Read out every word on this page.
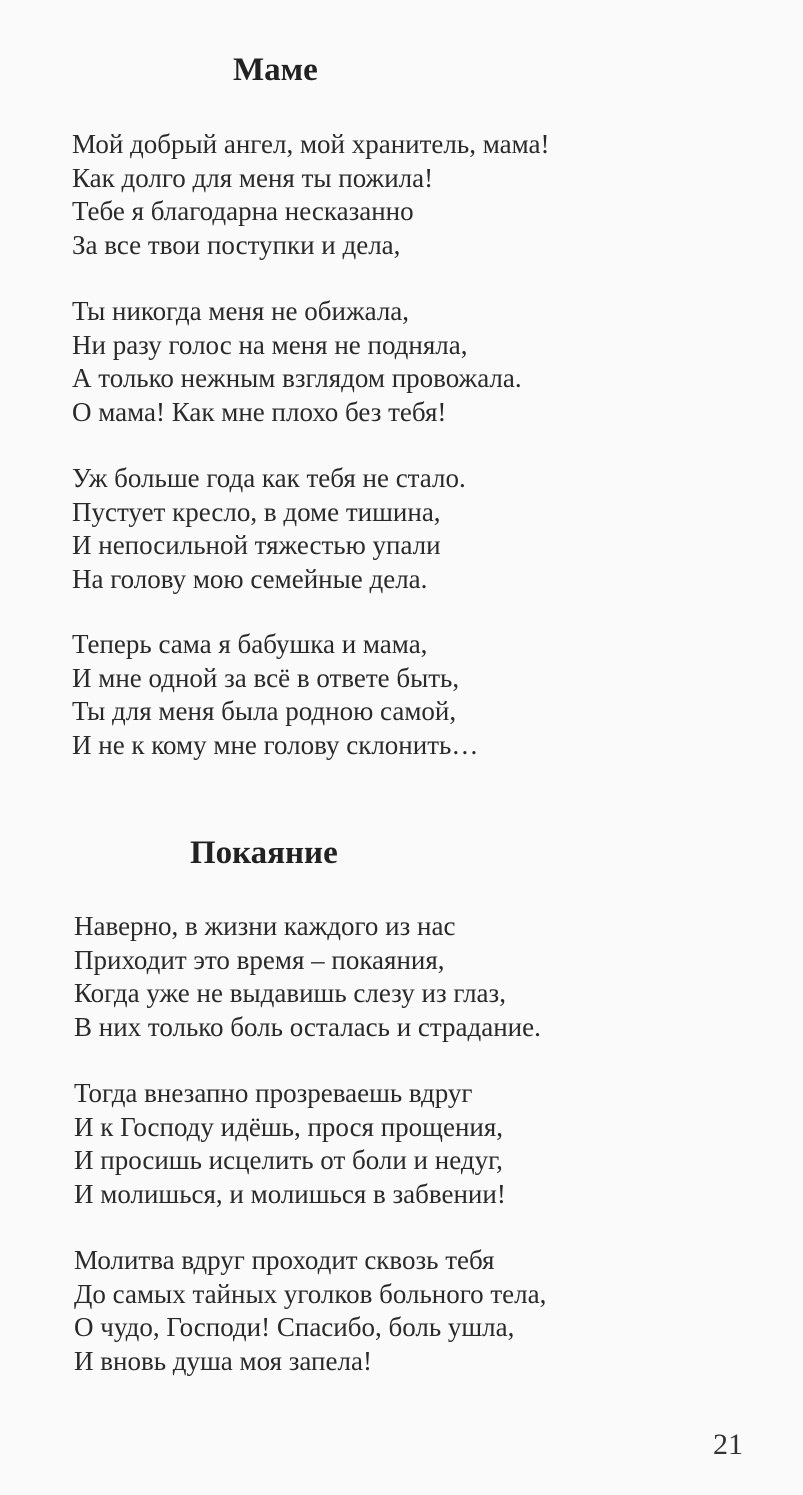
Маме

Мой добрый ангел, мой хранитель, мама!
Как долго для меня ты пожила!
Тебе я благодарна несказанно
За все твои поступки и дела,

Ты никогда меня не обижала,
Ни разу голос на меня не подняла,
А только нежным взглядом провожала.
О мама! Как мне плохо без тебя!

Уж больше года как тебя не стало.
Пустует кресло, в доме тишина,
И непосильной тяжестью упали
На голову мою семейные дела.

Теперь сама я бабушка и мама,
И мне одной за всё в ответе быть,
Ты для меня была родною самой,
И не к кому мне голову склонить…

Покаяние

Наверно, в жизни каждого из нас
Приходит это время – покаяния,
Когда уже не выдавишь слезу из глаз,
В них только боль осталась и страдание.

Тогда внезапно прозреваешь вдруг
И к Господу идёшь, прося прощения,
И просишь исцелить от боли и недуг,
И молишься, и молишься в забвении!

Молитва вдруг проходит сквозь тебя
До самых тайных уголков больного тела,
О чудо, Господи! Спасибо, боль ушла,
И вновь душа моя запела!

21
